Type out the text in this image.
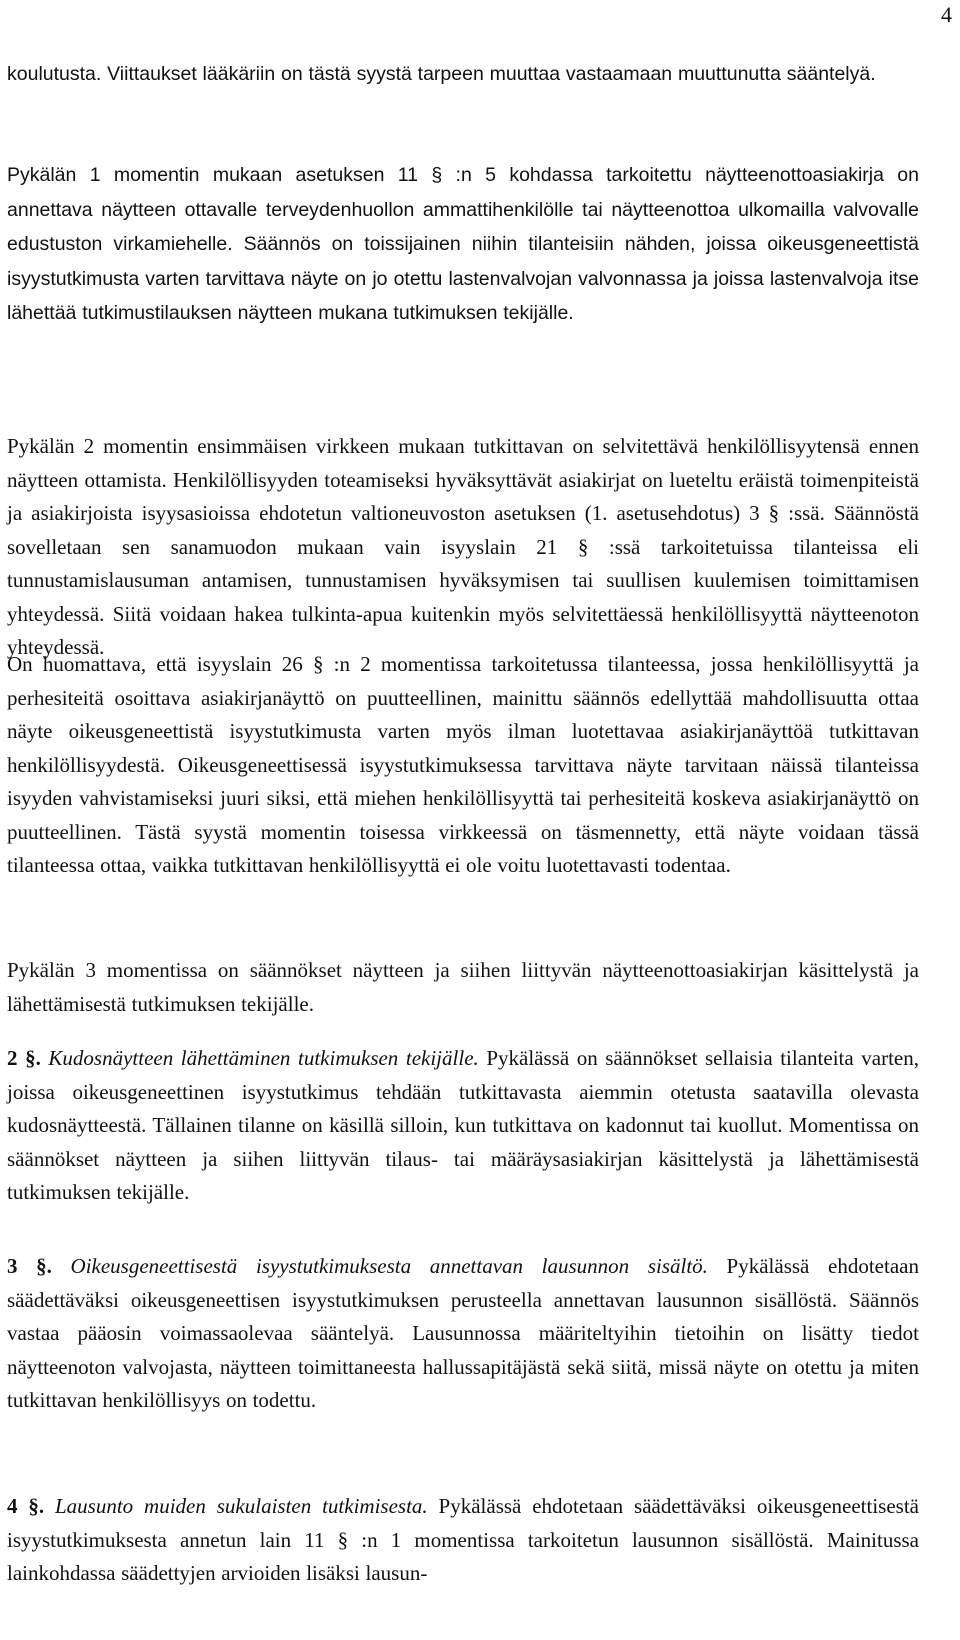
4

koulutusta. Viittaukset lääkäriin on tästä syystä tarpeen muuttaa vastaamaan muuttunutta sääntelyä.

Pykälän 1 momentin mukaan asetuksen 11 § :n 5 kohdassa tarkoitettu näytteenottoasiakirja on annettava näytteen ottavalle terveydenhuollon ammattihenkilölle tai näytteenottoa ulkomailla valvovalle edustuston virkamiehelle. Säännös on toissijainen niihin tilanteisiin nähden, joissa oikeusgeneettistä isyystutkimusta varten tarvittava näyte on jo otettu lastenvalvojan valvonnassa ja joissa lastenvalvoja itse lähettää tutkimustilauksen näytteen mukana tutkimuksen tekijälle.

Pykälän 2 momentin ensimmäisen virkkeen mukaan tutkittavan on selvitettävä henkilöllisyytensä ennen näytteen ottamista. Henkilöllisyyden toteamiseksi hyväksyttävät asiakirjat on lueteltu eräistä toimenpiteistä ja asiakirjoista isyysasioissa ehdotetun valtioneuvoston asetuksen (1. asetusehdotus) 3 § :ssä. Säännöstä sovelletaan sen sanamuodon mukaan vain isyyslain 21 § :ssä tarkoitetuissa tilanteissa eli tunnustamislausuman antamisen, tunnustamisen hyväksymisen tai suullisen kuulemisen toimittamisen yhteydessä. Siitä voidaan hakea tulkinta-apua kuitenkin myös selvitettäessä henkilöllisyyttä näytteenoton yhteydessä.

On huomattava, että isyyslain 26 § :n 2 momentissa tarkoitetussa tilanteessa, jossa henkilöllisyyttä ja perhesiteitä osoittava asiakirjanäyttö on puutteellinen, mainittu säännös edellyttää mahdollisuutta ottaa näyte oikeusgeneettistä isyystutkimusta varten myös ilman luotettavaa asiakirjanäyttöä tutkittavan henkilöllisyydestä. Oikeusgeneettisessä isyystutkimuksessa tarvittava näyte tarvitaan näissä tilanteissa isyyden vahvistamiseksi juuri siksi, että miehen henkilöllisyyttä tai perhesiteitä koskeva asiakirjanäyttö on puutteellinen. Tästä syystä momentin toisessa virkkeessä on täsmennetty, että näyte voidaan tässä tilanteessa ottaa, vaikka tutkittavan henkilöllisyyttä ei ole voitu luotettavasti todentaa.

Pykälän 3 momentissa on säännökset näytteen ja siihen liittyvän näytteenottoasiakirjan käsittelystä ja lähettämisestä tutkimuksen tekijälle.

2 §. Kudosnäytteen lähettäminen tutkimuksen tekijälle. Pykälässä on säännökset sellaisia tilanteita varten, joissa oikeusgeneettinen isyystutkimus tehdään tutkittavasta aiemmin otetusta saatavilla olevasta kudosnäytteestä. Tällainen tilanne on käsillä silloin, kun tutkittava on kadonnut tai kuollut. Momentissa on säännökset näytteen ja siihen liittyvän tilaus- tai määräysasiakirjan käsittelystä ja lähettämisestä tutkimuksen tekijälle.

3 §. Oikeusgeneettisestä isyystutkimuksesta annettavan lausunnon sisältö. Pykälässä ehdotetaan säädettäväksi oikeusgeneettisen isyystutkimuksen perusteella annettavan lausunnon sisällöstä. Säännös vastaa pääosin voimassaolevaa sääntelyä. Lausunnossa määriteltyihin tietoihin on lisätty tiedot näytteenoton valvojasta, näytteen toimittaneesta hallussapitäjästä sekä siitä, missä näyte on otettu ja miten tutkittavan henkilöllisyys on todettu.

4 §. Lausunto muiden sukulaisten tutkimisesta. Pykälässä ehdotetaan säädettäväksi oikeusgeneettisestä isyystutkimuksesta annetun lain 11 § :n 1 momentissa tarkoitetun lausunnon sisällöstä. Mainitussa lainkohdassa säädettyjen arvioiden lisäksi lausun-
